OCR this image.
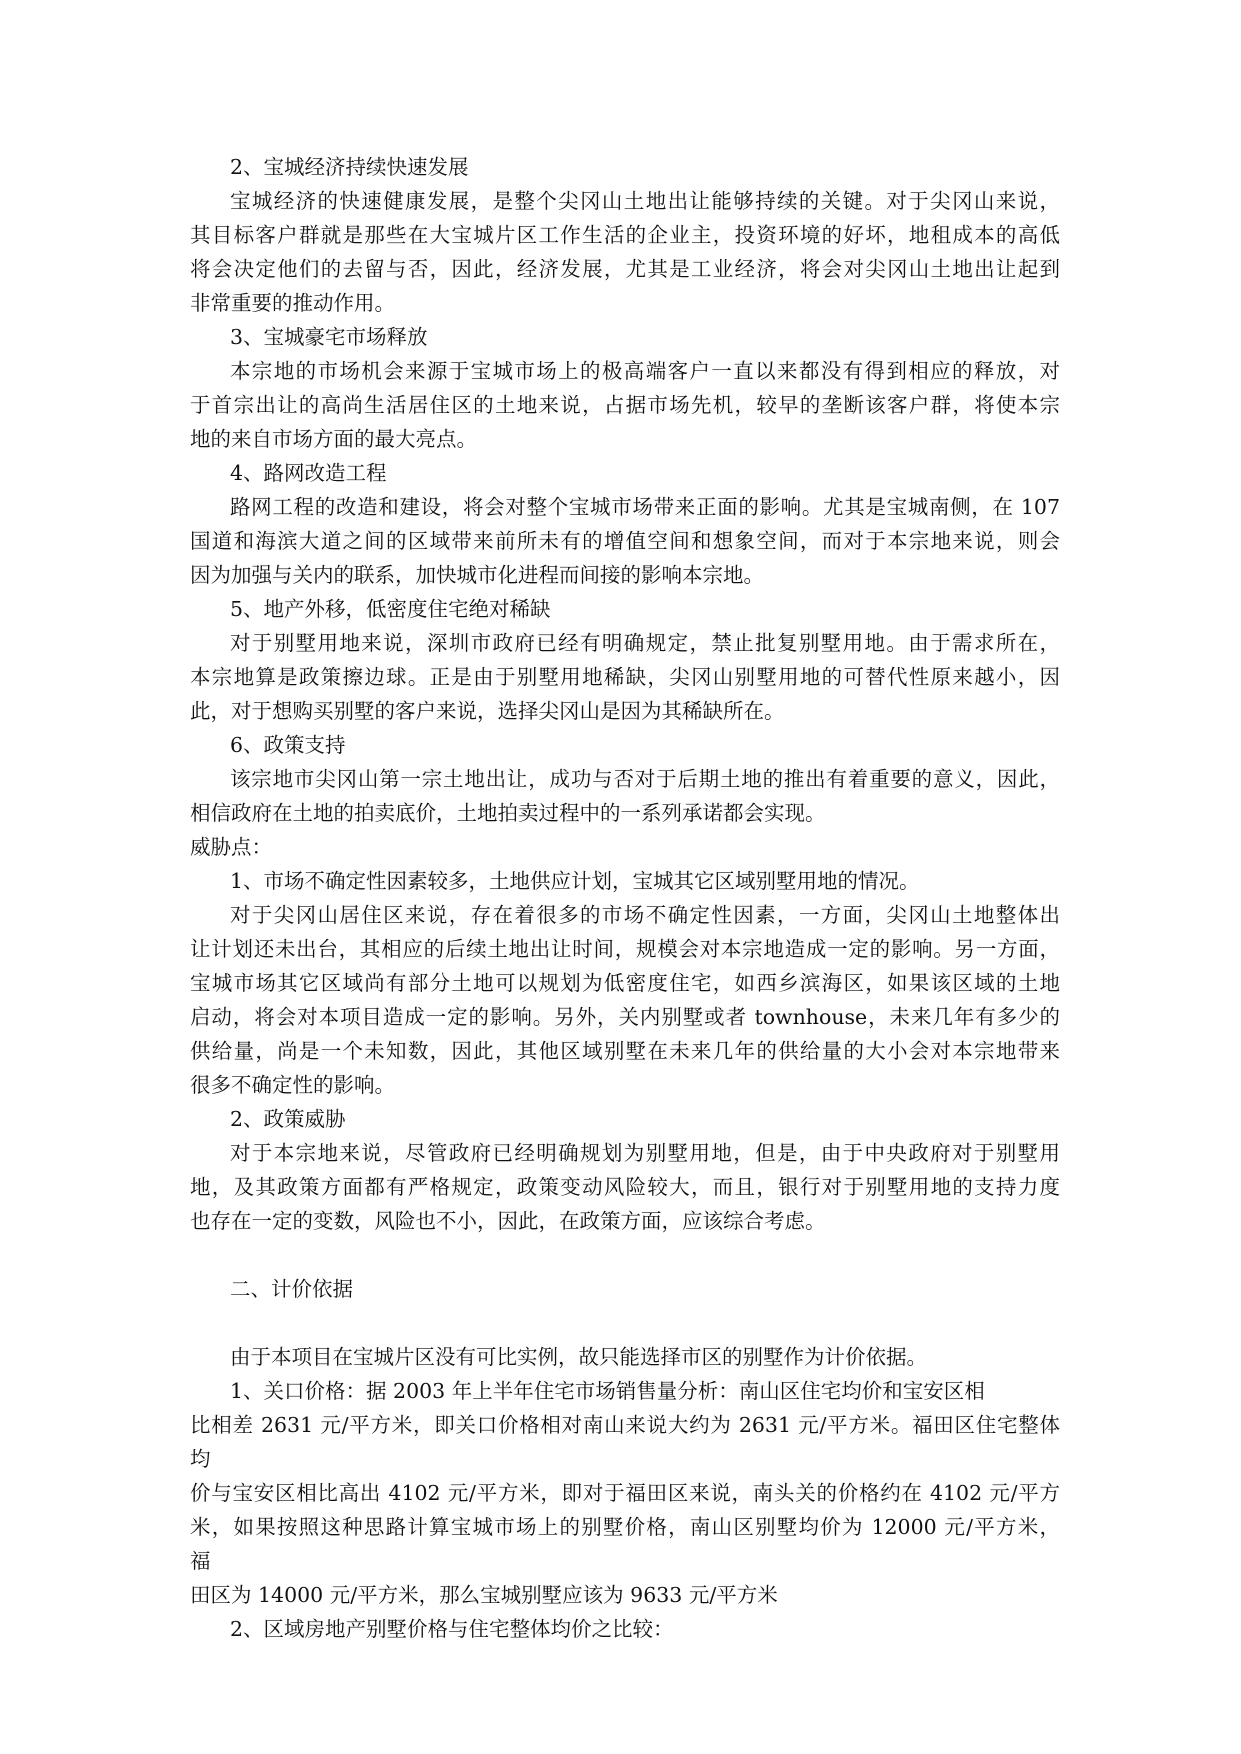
2、宝城经济持续快速发展
宝城经济的快速健康发展，是整个尖冈山土地出让能够持续的关键。对于尖冈山来说，
其目标客户群就是那些在大宝城片区工作生活的企业主，投资环境的好坏，地租成本的高低
将会决定他们的去留与否，因此，经济发展，尤其是工业经济，将会对尖冈山土地出让起到
非常重要的推动作用。
3、宝城豪宅市场释放
本宗地的市场机会来源于宝城市场上的极高端客户一直以来都没有得到相应的释放，对
于首宗出让的高尚生活居住区的土地来说，占据市场先机，较早的垄断该客户群，将使本宗
地的来自市场方面的最大亮点。
4、路网改造工程
路网工程的改造和建设，将会对整个宝城市场带来正面的影响。尤其是宝城南侧，在 107
国道和海滨大道之间的区域带来前所未有的增值空间和想象空间，而对于本宗地来说，则会
因为加强与关内的联系，加快城市化进程而间接的影响本宗地。
5、地产外移，低密度住宅绝对稀缺
对于别墅用地来说，深圳市政府已经有明确规定，禁止批复别墅用地。由于需求所在，
本宗地算是政策擦边球。正是由于别墅用地稀缺，尖冈山别墅用地的可替代性原来越小，因
此，对于想购买别墅的客户来说，选择尖冈山是因为其稀缺所在。
6、政策支持
该宗地市尖冈山第一宗土地出让，成功与否对于后期土地的推出有着重要的意义，因此，
相信政府在土地的拍卖底价，土地拍卖过程中的一系列承诺都会实现。
威胁点：
1、市场不确定性因素较多，土地供应计划，宝城其它区域别墅用地的情况。
对于尖冈山居住区来说，存在着很多的市场不确定性因素，一方面，尖冈山土地整体出
让计划还未出台，其相应的后续土地出让时间，规模会对本宗地造成一定的影响。另一方面，
宝城市场其它区域尚有部分土地可以规划为低密度住宅，如西乡滨海区，如果该区域的土地
启动，将会对本项目造成一定的影响。另外，关内别墅或者 townhouse，未来几年有多少的
供给量，尚是一个未知数，因此，其他区域别墅在未来几年的供给量的大小会对本宗地带来
很多不确定性的影响。
2、政策威胁
对于本宗地来说，尽管政府已经明确规划为别墅用地，但是，由于中央政府对于别墅用
地，及其政策方面都有严格规定，政策变动风险较大，而且，银行对于别墅用地的支持力度
也存在一定的变数，风险也不小，因此，在政策方面，应该综合考虑。
二、计价依据
由于本项目在宝城片区没有可比实例，故只能选择市区的别墅作为计价依据。
1、关口价格：据 2003 年上半年住宅市场销售量分析：南山区住宅均价和宝安区相
比相差 2631 元/平方米，即关口价格相对南山来说大约为 2631 元/平方米。福田区住宅整体
均
价与宝安区相比高出 4102 元/平方米，即对于福田区来说，南头关的价格约在 4102 元/平方
米，如果按照这种思路计算宝城市场上的别墅价格，南山区别墅均价为 12000 元/平方米，
福
田区为 14000 元/平方米，那么宝城别墅应该为 9633 元/平方米
2、区域房地产别墅价格与住宅整体均价之比较：
